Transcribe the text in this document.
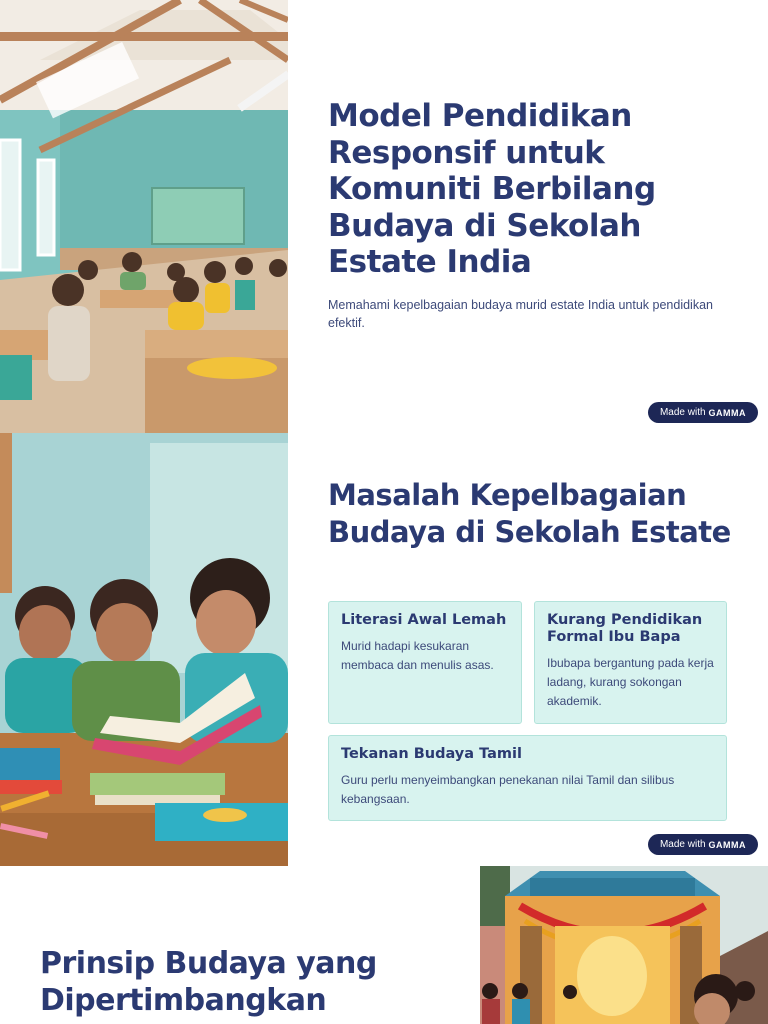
Model Pendidikan Responsif untuk Komuniti Berbilang Budaya di Sekolah Estate India

Memahami kepelbagaian budaya murid estate India untuk pendidikan efektif.

Made with GAMMA
Masalah Kepelbagaian Budaya di Sekolah Estate
Literasi Awal Lemah

Murid hadapi kesukaran membaca dan menulis asas.

Kurang Pendidikan Formal Ibu Bapa

Ibubapa bergantung pada kerja ladang, kurang sokongan akademik.

Tekanan Budaya Tamil

Guru perlu menyeimbangkan penekanan nilai Tamil dan silibus kebangsaan.

Made with GAMMA
Prinsip Budaya yang Dipertimbangkan
